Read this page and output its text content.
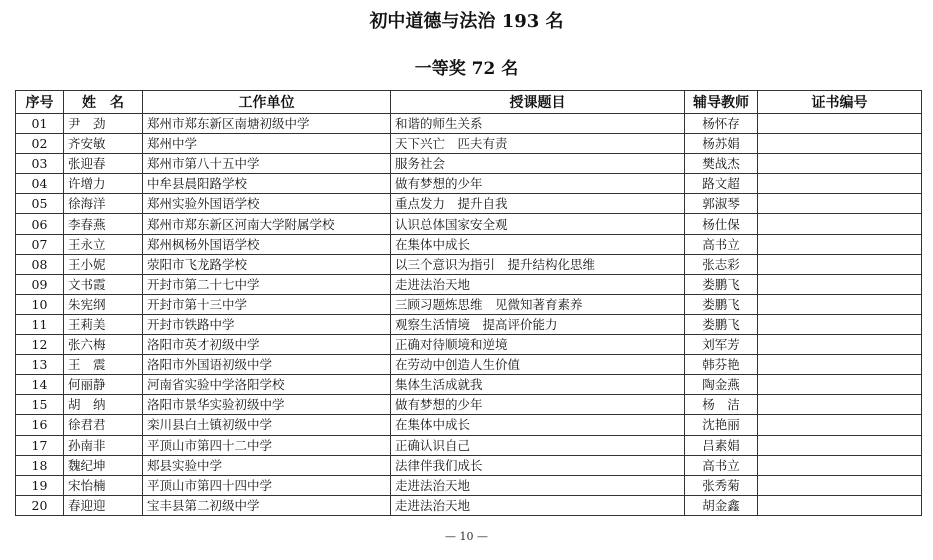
初中道德与法治 193 名
一等奖 72 名
序号	姓　名	工作单位	授课题目	辅导教师	证书编号
01	尹　劲	郑州市郑东新区南塘初级中学	和谐的师生关系	杨怀存	
02	齐安敏	郑州中学	天下兴亡　匹夫有责	杨苏娟	
03	张迎春	郑州市第八十五中学	服务社会	樊战杰	
04	许增力	中牟县晨阳路学校	做有梦想的少年	路文超	
05	徐海洋	郑州实验外国语学校	重点发力　提升自我	郭淑琴	
06	李春燕	郑州市郑东新区河南大学附属学校	认识总体国家安全观	杨仕保	
07	王永立	郑州枫杨外国语学校	在集体中成长	高书立	
08	王小妮	荥阳市飞龙路学校	以三个意识为指引　提升结构化思维	张志彩	
09	文书霞	开封市第二十七中学	走进法治天地	娄鹏飞	
10	朱宪纲	开封市第十三中学	三顾习题炼思维　见微知著育素养	娄鹏飞	
11	王莉美	开封市铁路中学	观察生活情境　提高评价能力	娄鹏飞	
12	张六梅	洛阳市英才初级中学	正确对待顺境和逆境	刘军芳	
13	王　震	洛阳市外国语初级中学	在劳动中创造人生价值	韩芬艳	
14	何丽静	河南省实验中学洛阳学校	集体生活成就我	陶金燕	
15	胡　纳	洛阳市景华实验初级中学	做有梦想的少年	杨　洁	
16	徐君君	栾川县白土镇初级中学	在集体中成长	沈艳丽	
17	孙南非	平顶山市第四十二中学	正确认识自己	吕素娟	
18	魏纪坤	郏县实验中学	法律伴我们成长	高书立	
19	宋怡楠	平顶山市第四十四中学	走进法治天地	张秀菊	
20	春迎迎	宝丰县第二初级中学	走进法治天地	胡金鑫	
— 10 —
